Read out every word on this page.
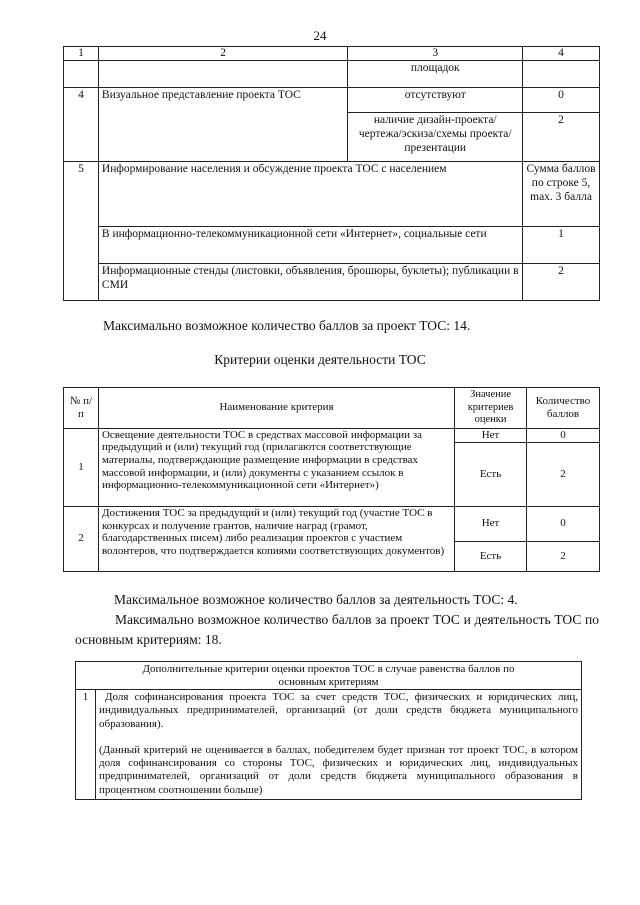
24
1	2	3	4
		площадок	
4	Визуальное представление проекта ТОС	отсутствуют	0
		наличие дизайн-проекта/ чертежа/эскиза/схемы проекта/презентации	2
5	Информирование населения и обсуждение проекта ТОС с населением		Сумма баллов по строке 5, max. 3 балла
	В информационно-телекоммуникационной сети «Интернет», социальные сети		1
	Информационные стенды (листовки, объявления, брошюры, буклеты); публикации в СМИ		2
Максимально возможное количество баллов за проект ТОС: 14.
Критерии оценки деятельности ТОС
№ п/п	Наименование критерия	Значение критериев оценки	Количество баллов
1	Освещение деятельности ТОС в средствах массовой информации за предыдущий и (или) текущий год (прилагаются соответствующие материалы, подтверждающие размещение информации в средствах массовой информации, и (или) документы с указанием ссылок в информационно-телекоммуникационной сети «Интернет»)	Нет	0
		Есть	2
2	Достижения ТОС за предыдущий и (или) текущий год (участие ТОС в конкурсах и получение грантов, наличие наград (грамот, благодарственных писем) либо реализация проектов с участием волонтеров, что подтверждается копиями соответствующих документов)	Нет	0
		Есть	2
Максимальное возможное количество баллов за деятельность ТОС: 4.
Максимально возможное количество баллов за проект ТОС и деятельность ТОС по основным критериям: 18.
Дополнительные критерии оценки проектов ТОС в случае равенства баллов по основным критериям
1	Доля софинансирования проекта ТОС за счет средств ТОС, физических и юридических лиц, индивидуальных предпринимателей, организаций (от доли средств бюджета муниципального образования).
(Данный критерий не оценивается в баллах, победителем будет признан тот проект ТОС, в котором доля софинансирования со стороны ТОС, физических и юридических лиц, индивидуальных предпринимателей, организаций от доли средств бюджета муниципального образования в процентном соотношении больше)
